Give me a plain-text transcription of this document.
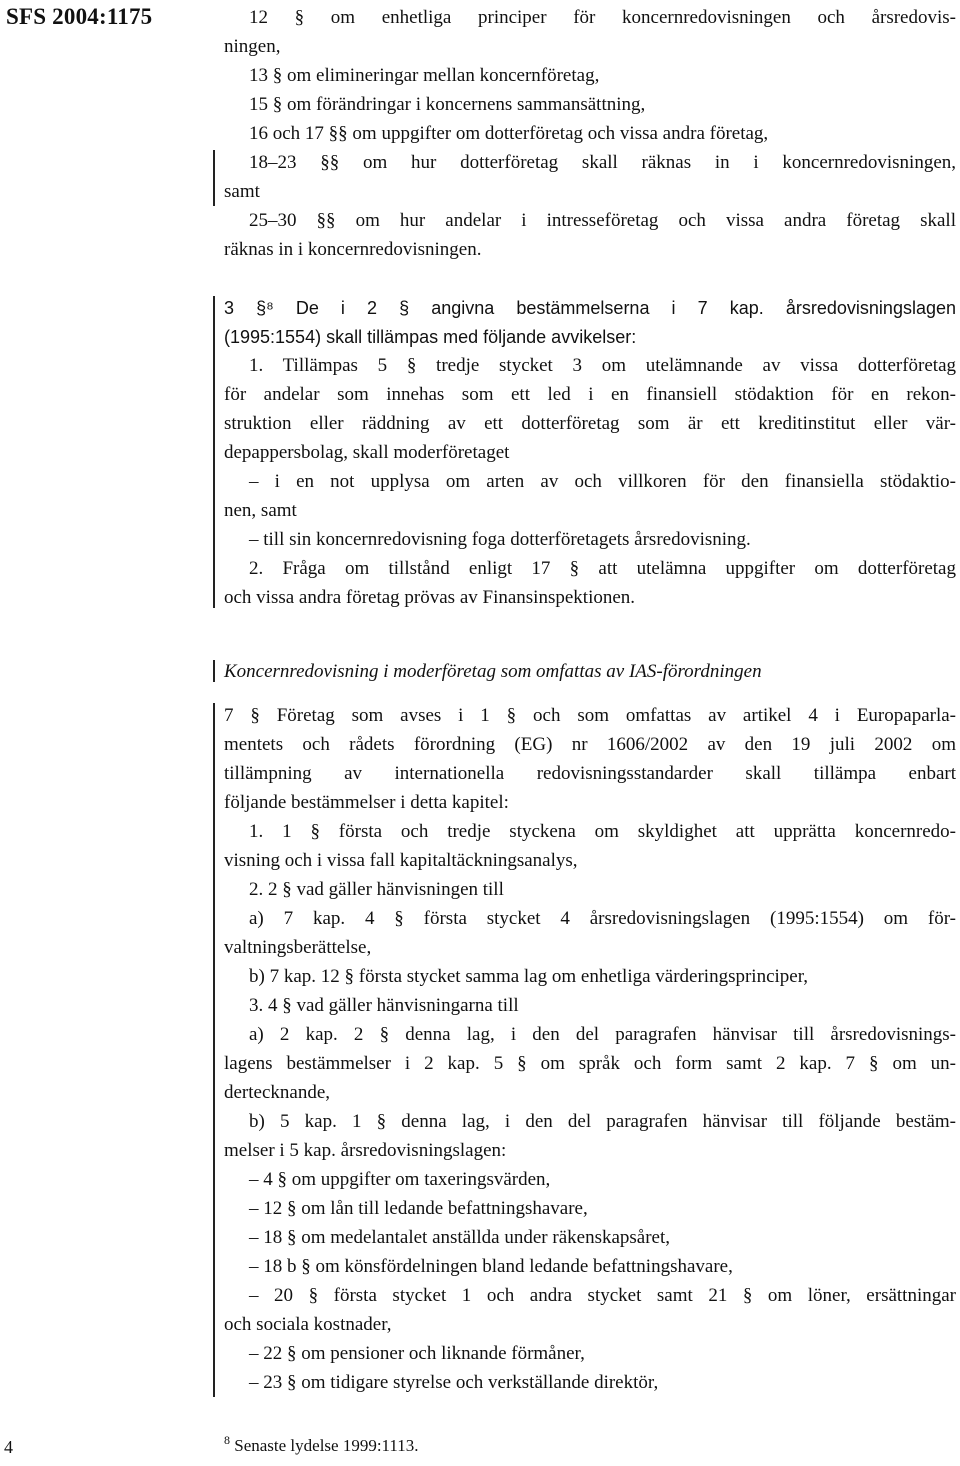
SFS 2004:1175
4
12 § om enhetliga principer för koncernredovisningen och årsredovis-
ningen,
13 § om elimineringar mellan koncernföretag,
15 § om förändringar i koncernens sammansättning,
16 och 17 §§ om uppgifter om dotterföretag och vissa andra företag,
18–23 §§ om hur dotterföretag skall räknas in i koncernredovisningen,
samt
25–30 §§ om hur andelar i intresseföretag och vissa andra företag skall
räknas in i koncernredovisningen.
3 §⁸ De i 2 § angivna bestämmelserna i 7 kap. årsredovisningslagen
(1995:1554) skall tillämpas med följande avvikelser:
1. Tillämpas 5 § tredje stycket 3 om utelämnande av vissa dotterföretag
för andelar som innehas som ett led i en finansiell stödaktion för en rekon-
struktion eller räddning av ett dotterföretag som är ett kreditinstitut eller vär-
depappersbolag, skall moderföretaget
– i en not upplysa om arten av och villkoren för den finansiella stödaktio-
nen, samt
– till sin koncernredovisning foga dotterföretagets årsredovisning.
2. Fråga om tillstånd enligt 17 § att utelämna uppgifter om dotterföretag
och vissa andra företag prövas av Finansinspektionen.
Koncernredovisning i moderföretag som omfattas av IAS-förordningen
7 § Företag som avses i 1 § och som omfattas av artikel 4 i Europaparla-
mentets och rådets förordning (EG) nr 1606/2002 av den 19 juli 2002 om
tillämpning av internationella redovisningsstandarder skall tillämpa enbart
följande bestämmelser i detta kapitel:
1. 1 § första och tredje styckena om skyldighet att upprätta koncernredo-
visning och i vissa fall kapitaltäckningsanalys,
2. 2 § vad gäller hänvisningen till
a) 7 kap. 4 § första stycket 4 årsredovisningslagen (1995:1554) om för-
valtningsberättelse,
b) 7 kap. 12 § första stycket samma lag om enhetliga värderingsprinciper,
3. 4 § vad gäller hänvisningarna till
a) 2 kap. 2 § denna lag, i den del paragrafen hänvisar till årsredovisnings-
lagens bestämmelser i 2 kap. 5 § om språk och form samt 2 kap. 7 § om un-
dertecknande,
b) 5 kap. 1 § denna lag, i den del paragrafen hänvisar till följande bestäm-
melser i 5 kap. årsredovisningslagen:
– 4 § om uppgifter om taxeringsvärden,
– 12 § om lån till ledande befattningshavare,
– 18 § om medelantalet anställda under räkenskapsåret,
– 18 b § om könsfördelningen bland ledande befattningshavare,
– 20 § första stycket 1 och andra stycket samt 21 § om löner, ersättningar
och sociala kostnader,
– 22 § om pensioner och liknande förmåner,
– 23 § om tidigare styrelse och verkställande direktör,
$^8$ Senaste lydelse 1999:1113.
